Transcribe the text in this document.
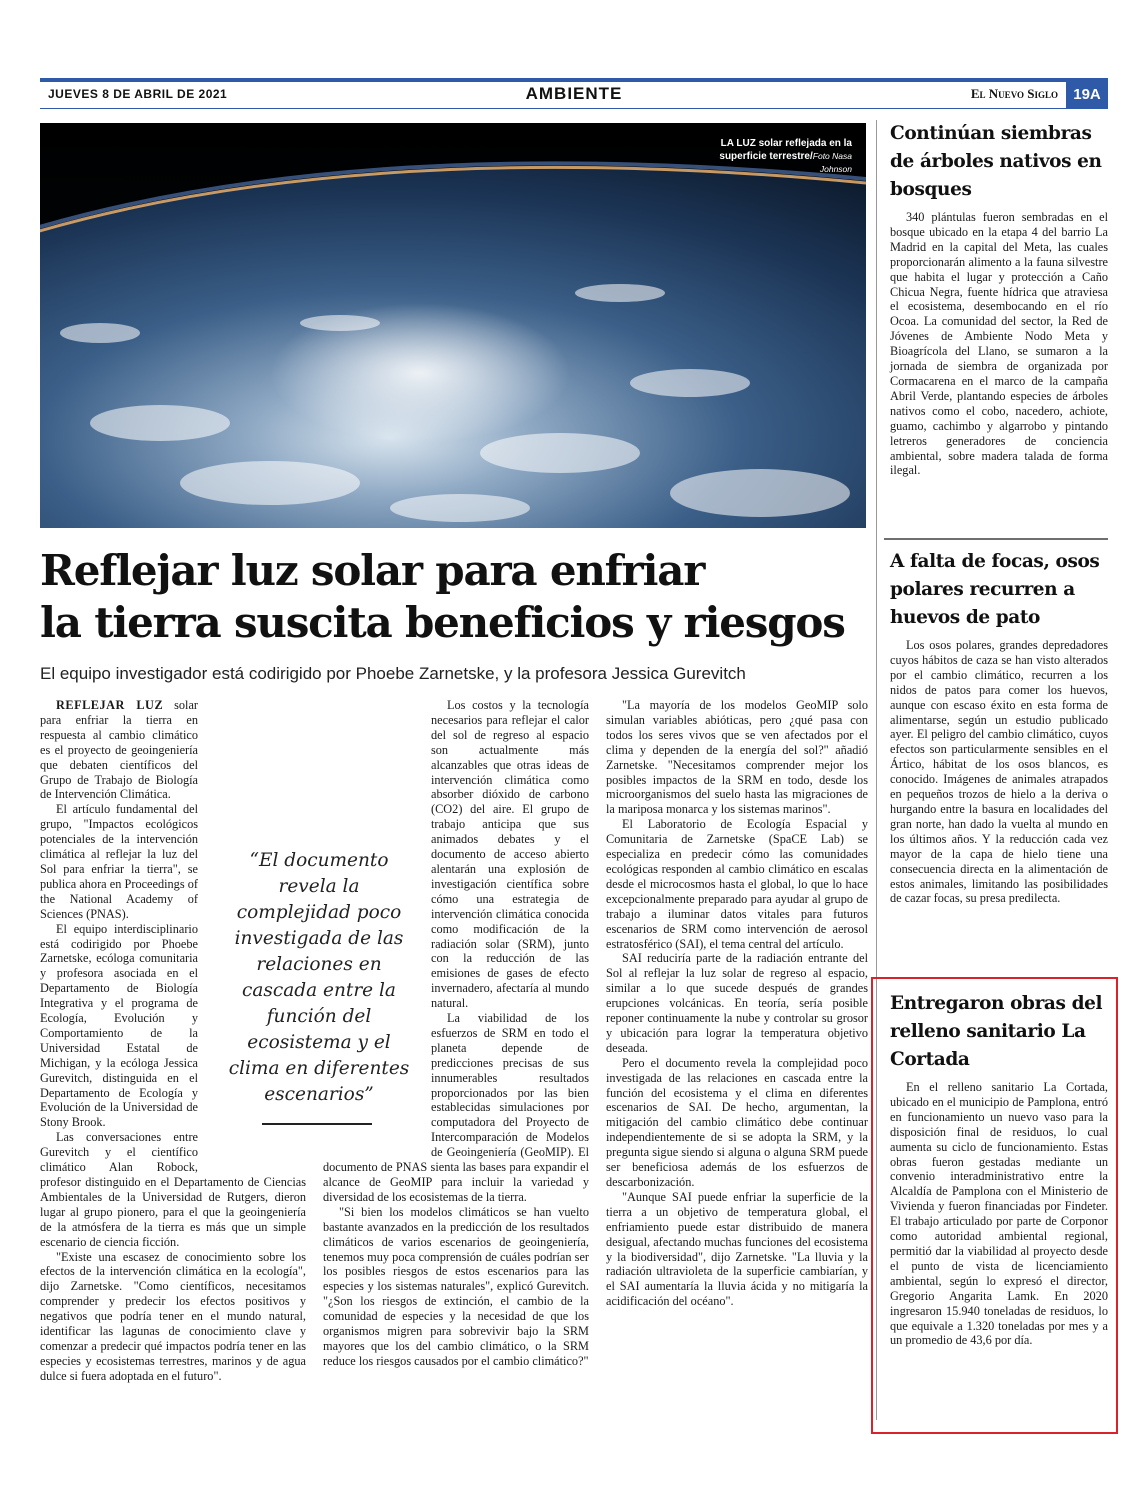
JUEVES 8 DE ABRIL DE 2021	AMBIENTE	El Nuevo Siglo	19A
LA LUZ solar reflejada en la superficie terrestre/Foto Nasa Johnson
Reflejar luz solar para enfriar
la tierra suscita beneficios y riesgos
El equipo investigador está codirigido por Phoebe Zarnetske, y la profesora Jessica Gurevitch

REFLEJAR LUZ solar para enfriar la tierra en respuesta al cambio climático es el proyecto de geoingeniería que debaten científicos del Grupo de Trabajo de Biología de Intervención Climática.

El artículo fundamental del grupo, "Impactos ecológicos potenciales de la intervención climática al reflejar la luz del Sol para enfriar la tierra", se publica ahora en Proceedings of the National Academy of Sciences (PNAS).

El equipo interdisciplinario está codirigido por Phoebe Zarnetske, ecóloga comunitaria y profesora asociada en el Departamento de Biología Integrativa y el programa de Ecología, Evolución y Comportamiento de la Universidad Estatal de Michigan, y la ecóloga Jessica Gurevitch, distinguida en el Departamento de Ecología y Evolución de la Universidad de Stony Brook.

Las conversaciones entre Gurevitch y el científico climático Alan Robock, profesor distinguido en el Departamento de Ciencias Ambientales de la Universidad de Rutgers, dieron lugar al grupo pionero, para el que la geoingeniería de la atmósfera de la tierra es más que un simple escenario de ciencia ficción.

"Existe una escasez de conocimiento sobre los efectos de la intervención climática en la ecología", dijo Zarnetske. "Como científicos, necesitamos comprender y predecir los efectos positivos y negativos que podría tener en el mundo natural, identificar las lagunas de conocimiento clave y comenzar a predecir qué impactos podría tener en las especies y ecosistemas terrestres, marinos y de agua dulce si fuera adoptada en el futuro".

Los costos y la tecnología necesarios para reflejar el calor del sol de regreso al espacio son actualmente más alcanzables que otras ideas de intervención climática como absorber dióxido de carbono (CO2) del aire. El grupo de trabajo anticipa que sus animados debates y el documento de acceso abierto alentarán una explosión de investigación científica sobre cómo una estrategia de intervención climática conocida como modificación de la radiación solar (SRM), junto con la reducción de las emisiones de gases de efecto invernadero, afectaría al mundo natural.

La viabilidad de los esfuerzos de SRM en todo el planeta depende de predicciones precisas de sus innumerables resultados proporcionados por las bien establecidas simulaciones por computadora del Proyecto de Intercomparación de Modelos de Geoingeniería (GeoMIP). El documento de PNAS sienta las bases para expandir el alcance de GeoMIP para incluir la variedad y diversidad de los ecosistemas de la tierra.

"Si bien los modelos climáticos se han vuelto bastante avanzados en la predicción de los resultados climáticos de varios escenarios de geoingeniería, tenemos muy poca comprensión de cuáles podrían ser los posibles riesgos de estos escenarios para las especies y los sistemas naturales", explicó Gurevitch. "¿Son los riesgos de extinción, el cambio de la comunidad de especies y la necesidad de que los organismos migren para sobrevivir bajo la SRM mayores que los del cambio climático, o la SRM reduce los riesgos causados por el cambio climático?"

"La mayoría de los modelos GeoMIP solo simulan variables abióticas, pero ¿qué pasa con todos los seres vivos que se ven afectados por el clima y dependen de la energía del sol?" añadió Zarnetske. "Necesitamos comprender mejor los posibles impactos de la SRM en todo, desde los microorganismos del suelo hasta las migraciones de la mariposa monarca y los sistemas marinos".

El Laboratorio de Ecología Espacial y Comunitaria de Zarnetske (SpaCE Lab) se especializa en predecir cómo las comunidades ecológicas responden al cambio climático en escalas desde el microcosmos hasta el global, lo que lo hace excepcionalmente preparado para ayudar al grupo de trabajo a iluminar datos vitales para futuros escenarios de SRM como intervención de aerosol estratosférico (SAI), el tema central del artículo.

SAI reduciría parte de la radiación entrante del Sol al reflejar la luz solar de regreso al espacio, similar a lo que sucede después de grandes erupciones volcánicas. En teoría, sería posible reponer continuamente la nube y controlar su grosor y ubicación para lograr la temperatura objetivo deseada.

Pero el documento revela la complejidad poco investigada de las relaciones en cascada entre la función del ecosistema y el clima en diferentes escenarios de SAI. De hecho, argumentan, la mitigación del cambio climático debe continuar independientemente de si se adopta la SRM, y la pregunta sigue siendo si alguna o alguna SRM puede ser beneficiosa además de los esfuerzos de descarbonización.

"Aunque SAI puede enfriar la superficie de la tierra a un objetivo de temperatura global, el enfriamiento puede estar distribuido de manera desigual, afectando muchas funciones del ecosistema y la biodiversidad", dijo Zarnetske. "La lluvia y la radiación ultravioleta de la superficie cambiarían, y el SAI aumentaría la lluvia ácida y no mitigaría la acidificación del océano".

“El documento revela la complejidad poco investigada de las relaciones en cascada entre la función del ecosistema y el clima en diferentes escenarios”
Continúan siembras de árboles nativos en bosques

340 plántulas fueron sembradas en el bosque ubicado en la etapa 4 del barrio La Madrid en la capital del Meta, las cuales proporcionarán alimento a la fauna silvestre que habita el lugar y protección a Caño Chicua Negra, fuente hídrica que atraviesa el ecosistema, desembocando en el río Ocoa. La comunidad del sector, la Red de Jóvenes de Ambiente Nodo Meta y Bioagrícola del Llano, se sumaron a la jornada de siembra de organizada por Cormacarena en el marco de la campaña Abril Verde, plantando especies de árboles nativos como el cobo, nacedero, achiote, guamo, cachimbo y algarrobo y pintando letreros generadores de conciencia ambiental, sobre madera talada de forma ilegal.

A falta de focas, osos polares recurren a huevos de pato

Los osos polares, grandes depredadores cuyos hábitos de caza se han visto alterados por el cambio climático, recurren a los nidos de patos para comer los huevos, aunque con escaso éxito en esta forma de alimentarse, según un estudio publicado ayer. El peligro del cambio climático, cuyos efectos son particularmente sensibles en el Ártico, hábitat de los osos blancos, es conocido. Imágenes de animales atrapados en pequeños trozos de hielo a la deriva o hurgando entre la basura en localidades del gran norte, han dado la vuelta al mundo en los últimos años. Y la reducción cada vez mayor de la capa de hielo tiene una consecuencia directa en la alimentación de estos animales, limitando las posibilidades de cazar focas, su presa predilecta.

Entregaron obras del relleno sanitario La Cortada

En el relleno sanitario La Cortada, ubicado en el municipio de Pamplona, entró en funcionamiento un nuevo vaso para la disposición final de residuos, lo cual aumenta su ciclo de funcionamiento. Estas obras fueron gestadas mediante un convenio interadministrativo entre la Alcaldía de Pamplona con el Ministerio de Vivienda y fueron financiadas por Findeter. El trabajo articulado por parte de Corponor como autoridad ambiental regional, permitió dar la viabilidad al proyecto desde el punto de vista de licenciamiento ambiental, según lo expresó el director, Gregorio Angarita Lamk. En 2020 ingresaron 15.940 toneladas de residuos, lo que equivale a 1.320 toneladas por mes y a un promedio de 43,6 por día.
